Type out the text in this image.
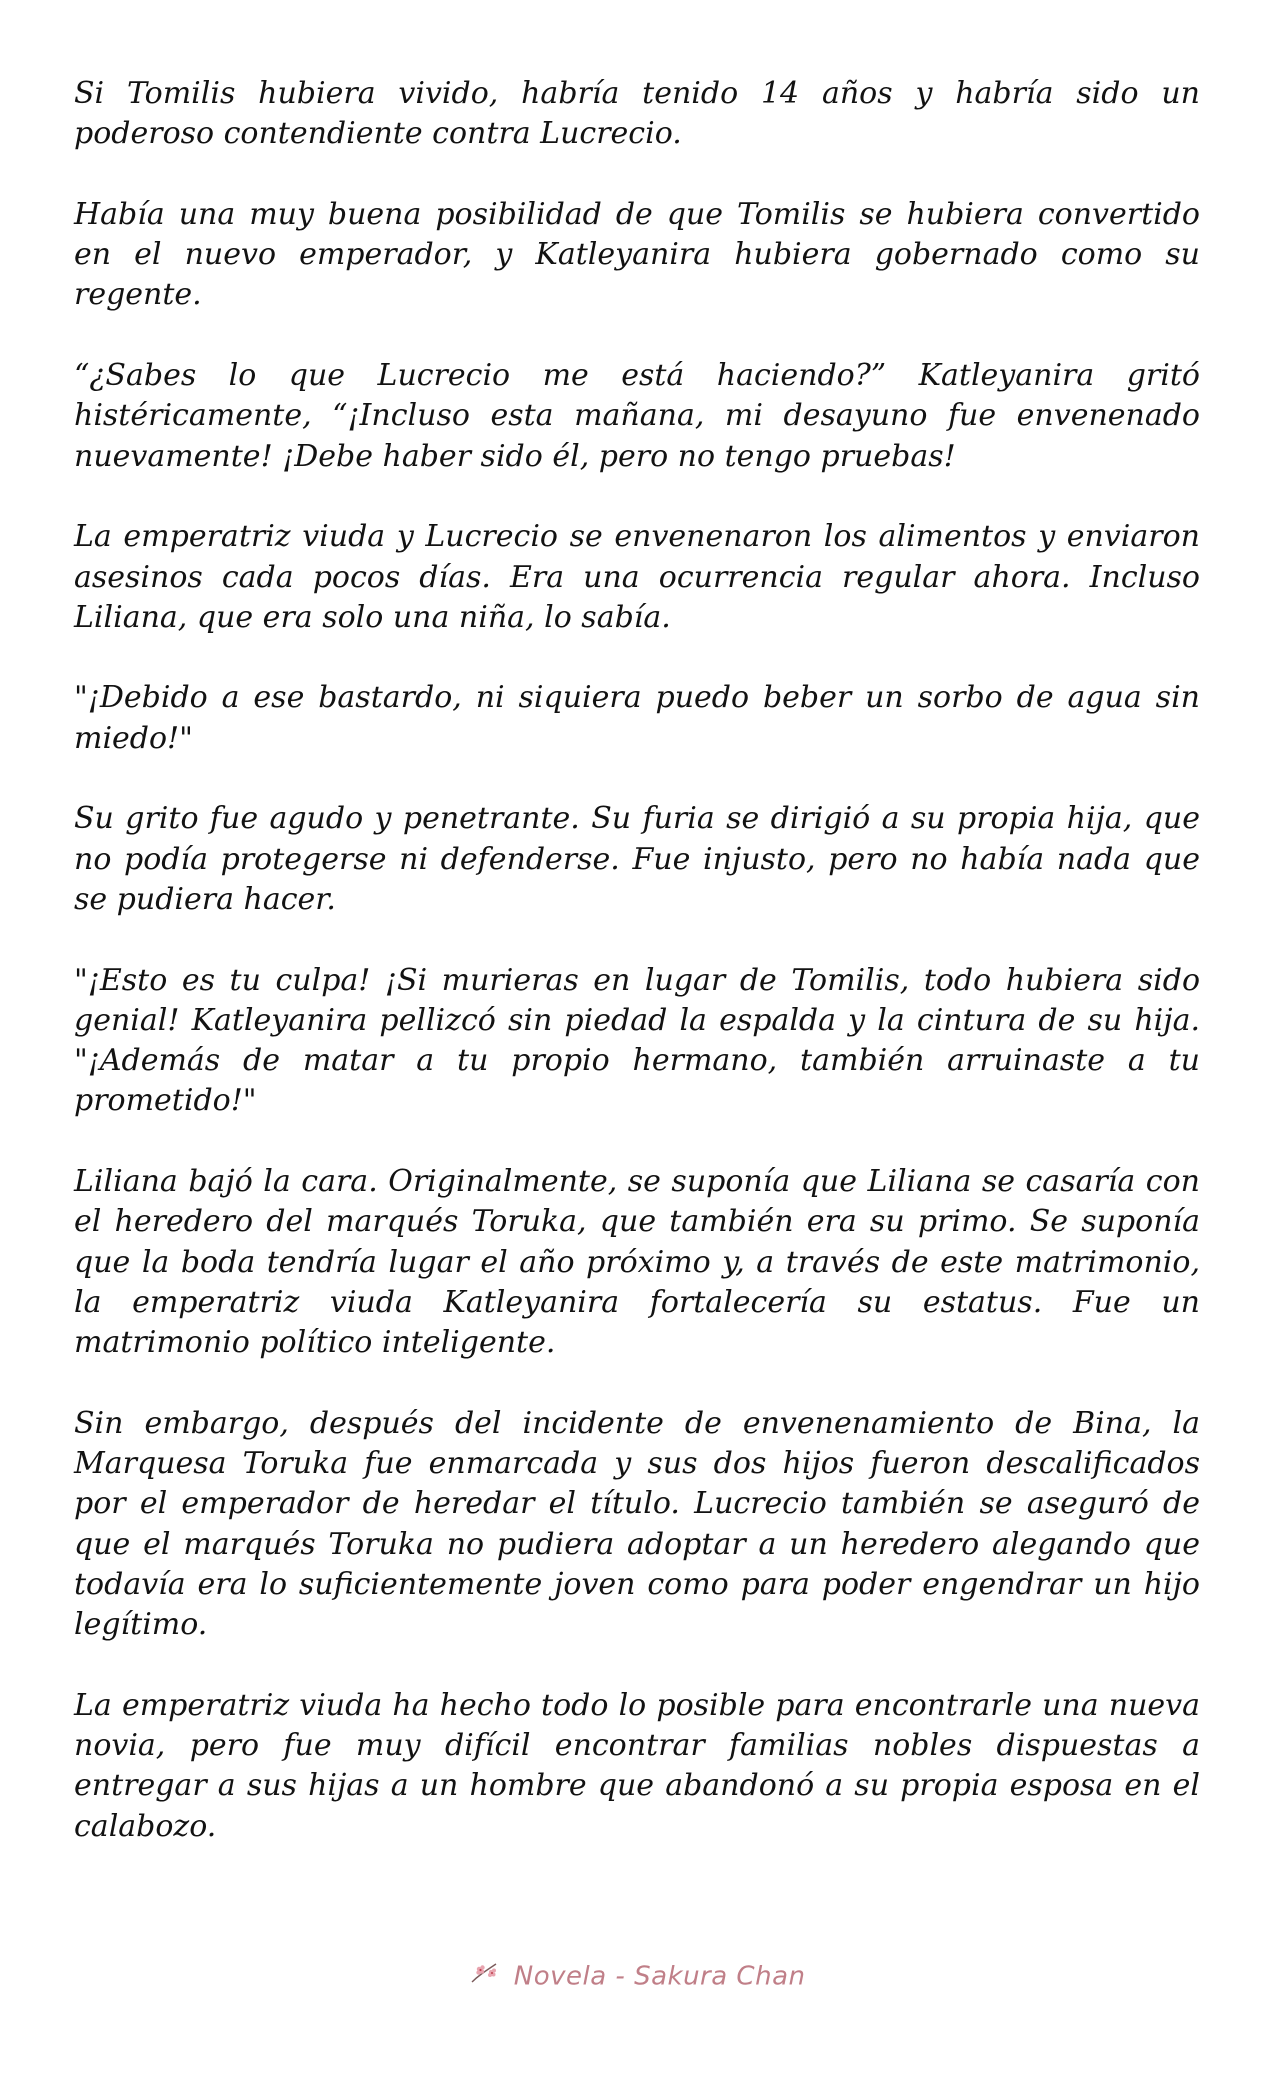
Si Tomilis hubiera vivido, habría tenido 14 años y habría sido un poderoso contendiente contra Lucrecio.

Había una muy buena posibilidad de que Tomilis se hubiera convertido en el nuevo emperador, y Katleyanira hubiera gobernado como su regente.

“¿Sabes lo que Lucrecio me está haciendo?” Katleyanira gritó histéricamente, “¡Incluso esta mañana, mi desayuno fue envenenado nuevamente! ¡Debe haber sido él, pero no tengo pruebas!

La emperatriz viuda y Lucrecio se envenenaron los alimentos y enviaron asesinos cada pocos días. Era una ocurrencia regular ahora. Incluso Liliana, que era solo una niña, lo sabía.

"¡Debido a ese bastardo, ni siquiera puedo beber un sorbo de agua sin miedo!"

Su grito fue agudo y penetrante. Su furia se dirigió a su propia hija, que no podía protegerse ni defenderse. Fue injusto, pero no había nada que se pudiera hacer.

"¡Esto es tu culpa! ¡Si murieras en lugar de Tomilis, todo hubiera sido genial! Katleyanira pellizcó sin piedad la espalda y la cintura de su hija. "¡Además de matar a tu propio hermano, también arruinaste a tu prometido!"

Liliana bajó la cara. Originalmente, se suponía que Liliana se casaría con el heredero del marqués Toruka, que también era su primo. Se suponía que la boda tendría lugar el año próximo y, a través de este matrimonio, la emperatriz viuda Katleyanira fortalecería su estatus. Fue un matrimonio político inteligente.

Sin embargo, después del incidente de envenenamiento de Bina, la Marquesa Toruka fue enmarcada y sus dos hijos fueron descalificados por el emperador de heredar el título. Lucrecio también se aseguró de que el marqués Toruka no pudiera adoptar a un heredero alegando que todavía era lo suficientemente joven como para poder engendrar un hijo legítimo.

La emperatriz viuda ha hecho todo lo posible para encontrarle una nueva novia, pero fue muy difícil encontrar familias nobles dispuestas a entregar a sus hijas a un hombre que abandonó a su propia esposa en el calabozo.

Novela - Sakura Chan
